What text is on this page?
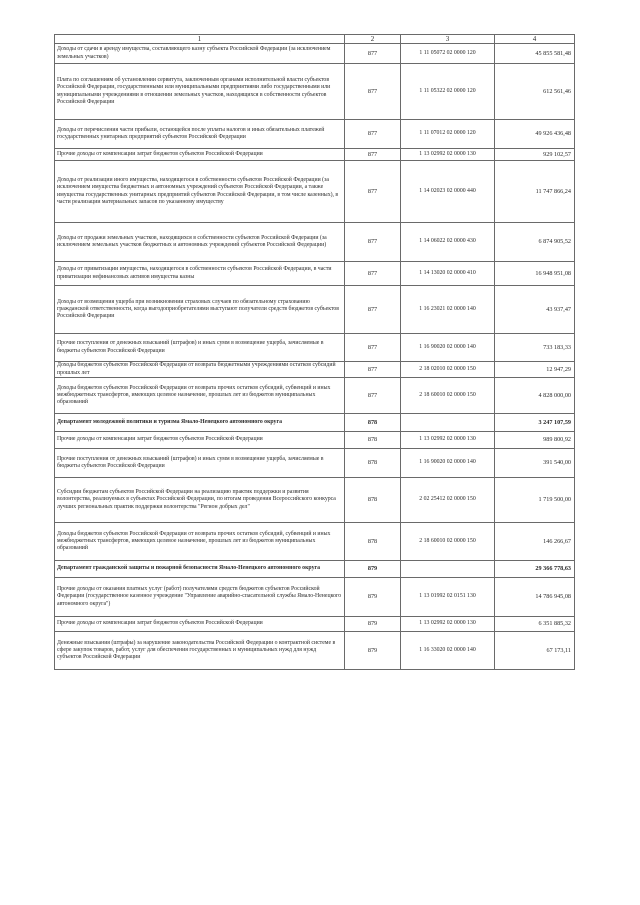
1	2	3	4
Доходы от сдачи в аренду имущества, составляющего казну субъекта Российской Федерации (за исключением земельных участков)	877	1 11 05072 02 0000 120	45 855 581,48
Плата по соглашениям об установлении сервитута, заключенным органами исполнительной власти субъектов Российской Федерации, государственными или муниципальными предприятиями либо государственными или муниципальными учреждениями в отношении земельных участков, находящихся в собственности субъектов Российской Федерации	877	1 11 05322 02 0000 120	612 561,46
Доходы от перечисления части прибыли, остающейся после уплаты налогов и иных обязательных платежей государственных унитарных предприятий субъектов Российской Федерации	877	1 11 07012 02 0000 120	49 926 436,48
Прочие доходы от компенсации затрат бюджетов субъектов Российской Федерации	877	1 13 02992 02 0000 130	929 102,57
Доходы от реализации иного имущества, находящегося в собственности субъектов Российской Федерации (за исключением имущества бюджетных и автономных учреждений субъектов Российской Федерации, а также имущества государственных унитарных предприятий субъектов Российской Федерации, в том числе казенных), в части реализации материальных запасов по указанному имуществу	877	1 14 02023 02 0000 440	11 747 866,24
Доходы от продажи земельных участков, находящихся в собственности субъектов Российской Федерации (за исключением земельных участков бюджетных и автономных учреждений субъектов Российской Федерации)	877	1 14 06022 02 0000 430	6 874 905,52
Доходы от приватизации имущества, находящегося в собственности субъектов Российской Федерации, в части приватизации нефинансовых активов имущества казны	877	1 14 13020 02 0000 410	16 948 951,08
Доходы от возмещения ущерба при возникновении страховых случаев по обязательному страхованию гражданской ответственности, когда выгодоприобретателями выступают получатели средств бюджетов субъектов Российской Федерации	877	1 16 23021 02 0000 140	43 937,47
Прочие поступления от денежных взысканий (штрафов) и иных сумм в возмещение ущерба, зачисляемые в бюджеты субъектов Российской Федерации	877	1 16 90020 02 0000 140	733 183,33
Доходы бюджетов субъектов Российской Федерации от возврата бюджетными учреждениями остатков субсидий прошлых лет	877	2 18 02010 02 0000 150	12 947,29
Доходы бюджетов субъектов Российской Федерации от возврата прочих остатков субсидий, субвенций и иных межбюджетных трансфертов, имеющих целевое назначение, прошлых лет из бюджетов муниципальных образований	877	2 18 60010 02 0000 150	4 828 000,00
Департамент молодежной политики и туризма Ямало-Ненецкого автономного округа	878		3 247 107,59
Прочие доходы от компенсации затрат бюджетов субъектов Российской Федерации	878	1 13 02992 02 0000 130	989 800,92
Прочие поступления от денежных взысканий (штрафов) и иных сумм в возмещение ущерба, зачисляемые в бюджеты субъектов Российской Федерации	878	1 16 90020 02 0000 140	391 540,00
Субсидии бюджетам субъектов Российской Федерации на реализацию практик поддержки и развития волонтерства, реализуемых в субъектах Российской Федерации, по итогам проведения Всероссийского конкурса лучших региональных практик поддержки волонтерства "Регион добрых дел"	878	2 02 25412 02 0000 150	1 719 500,00
Доходы бюджетов субъектов Российской Федерации от возврата прочих остатков субсидий, субвенций и иных межбюджетных трансфертов, имеющих целевое назначение, прошлых лет из бюджетов муниципальных образований	878	2 18 60010 02 0000 150	146 266,67
Департамент гражданской защиты и пожарной безопасности Ямало-Ненецкого автономного округа	879		29 366 778,63
Прочие доходы от оказания платных услуг (работ) получателями средств бюджетов субъектов Российской Федерации (государственное казенное учреждение "Управление аварийно-спасательной службы Ямало-Ненецкого автономного округа")	879	1 13 01992 02 0151 130	14 786 945,08
Прочие доходы от компенсации затрат бюджетов субъектов Российской Федерации	879	1 13 02992 02 0000 130	6 351 885,32
Денежные взыскания (штрафы) за нарушение законодательства Российской Федерации о контрактной системе в сфере закупок товаров, работ, услуг для обеспечения государственных и муниципальных нужд для нужд субъектов Российской Федерации	879	1 16 33020 02 0000 140	67 173,11
